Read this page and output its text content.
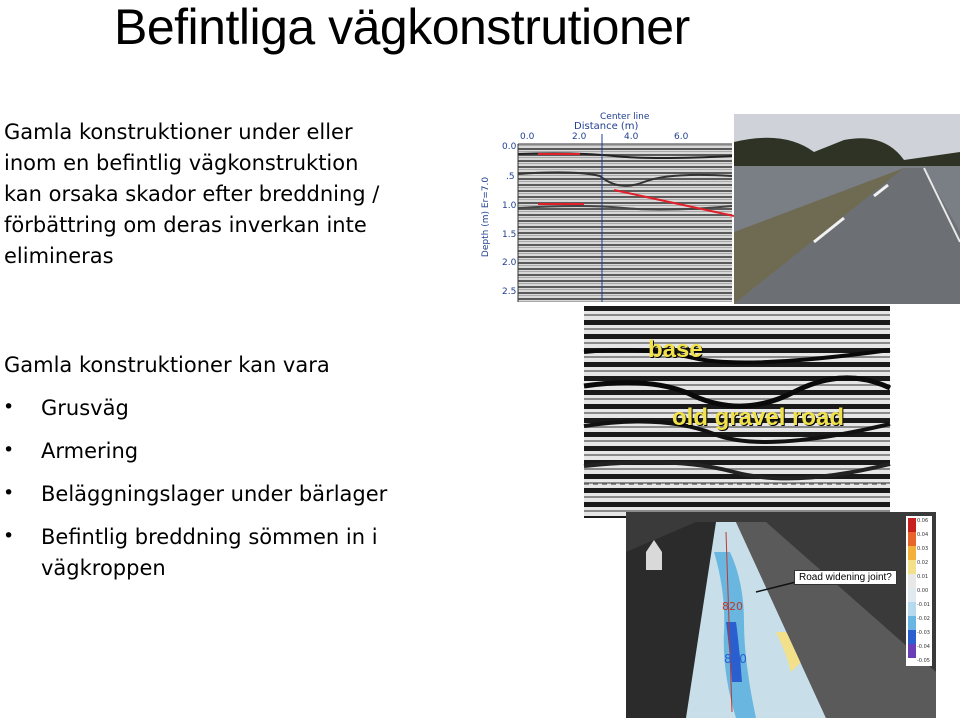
Befintliga vägkonstrutioner
Gamla konstruktioner under eller
inom en befintlig vägkonstruktion
kan orsaka skador efter breddning /
förbättring om deras inverkan inte
elimineras
Gamla konstruktioner kan vara
• Grusväg
• Armering
• Beläggningslager under bärlager
• Befintlig breddning sömmen in i
vägkroppen
Center line
Distance (m)
0.0	2.0	4.0	6.0
Depth (m) Er=7.0
0.0
.5
1.0
1.5
2.0
2.5
base
old gravel road
Road widening joint?
820
830
0.06
0.04
0.03
0.02
0.01
0.00
-0.01
-0.02
-0.03
-0.04
-0.05
